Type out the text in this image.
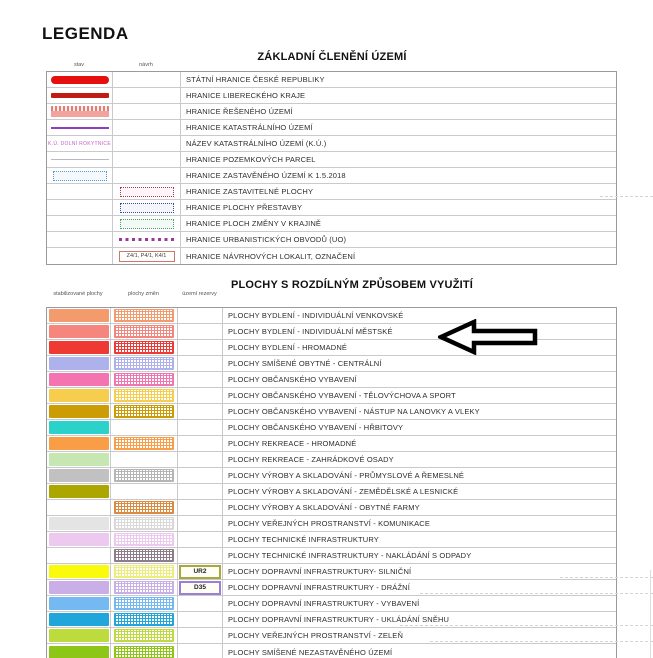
LEGENDA
ZÁKLADNÍ ČLENĚNÍ ÚZEMÍ
stav	návrh
STÁTNÍ HRANICE ČESKÉ REPUBLIKY
HRANICE LIBERECKÉHO KRAJE
HRANICE ŘEŠENÉHO ÚZEMÍ
HRANICE KATASTRÁLNÍHO ÚZEMÍ
K.Ú. DOLNÍ ROKYTNICE	NÁZEV KATASTRÁLNÍHO ÚZEMÍ (K.Ú.)
HRANICE POZEMKOVÝCH PARCEL
HRANICE ZASTAVĚNÉHO ÚZEMÍ K 1.5.2018
HRANICE ZASTAVITELNÉ PLOCHY
HRANICE PLOCHY PŘESTAVBY
HRANICE PLOCH ZMĚNY V KRAJINĚ
HRANICE URBANISTICKÝCH OBVODŮ (UO)
Z4/1, P4/1, K4/1	HRANICE NÁVRHOVÝCH LOKALIT, OZNAČENÍ
PLOCHY S ROZDÍLNÝM ZPŮSOBEM VYUŽITÍ
stabilizované plochy	plochy změn	území rezervy
PLOCHY BYDLENÍ - INDIVIDUÁLNÍ VENKOVSKÉ
PLOCHY BYDLENÍ - INDIVIDUÁLNÍ MĚSTSKÉ
PLOCHY BYDLENÍ - HROMADNÉ
PLOCHY SMÍŠENÉ OBYTNÉ - CENTRÁLNÍ
PLOCHY OBČANSKÉHO VYBAVENÍ
PLOCHY OBČANSKÉHO VYBAVENÍ - TĚLOVÝCHOVA A SPORT
PLOCHY OBČANSKÉHO VYBAVENÍ - NÁSTUP NA LANOVKY A VLEKY
PLOCHY OBČANSKÉHO VYBAVENÍ - HŘBITOVY
PLOCHY REKREACE - HROMADNÉ
PLOCHY REKREACE - ZAHRÁDKOVÉ OSADY
PLOCHY VÝROBY A SKLADOVÁNÍ - PRŮMYSLOVÉ A ŘEMESLNÉ
PLOCHY VÝROBY A SKLADOVÁNÍ - ZEMĚDĚLSKÉ A LESNICKÉ
PLOCHY VÝROBY A SKLADOVÁNÍ - OBYTNÉ FARMY
PLOCHY VEŘEJNÝCH PROSTRANSTVÍ - KOMUNIKACE
PLOCHY TECHNICKÉ INFRASTRUKTURY
PLOCHY TECHNICKÉ INFRASTRUKTURY - NAKLÁDÁNÍ S ODPADY
UR2	PLOCHY DOPRAVNÍ INFRASTRUKTURY- SILNIČNÍ
D35	PLOCHY DOPRAVNÍ INFRASTRUKTURY - DRÁŽNÍ
PLOCHY DOPRAVNÍ INFRASTRUKTURY - VYBAVENÍ
PLOCHY DOPRAVNÍ INFRASTRUKTURY - UKLÁDÁNÍ SNĚHU
PLOCHY VEŘEJNÝCH PROSTRANSTVÍ - ZELEŇ
PLOCHY SMÍŠENÉ NEZASTAVĚNÉHO ÚZEMÍ
